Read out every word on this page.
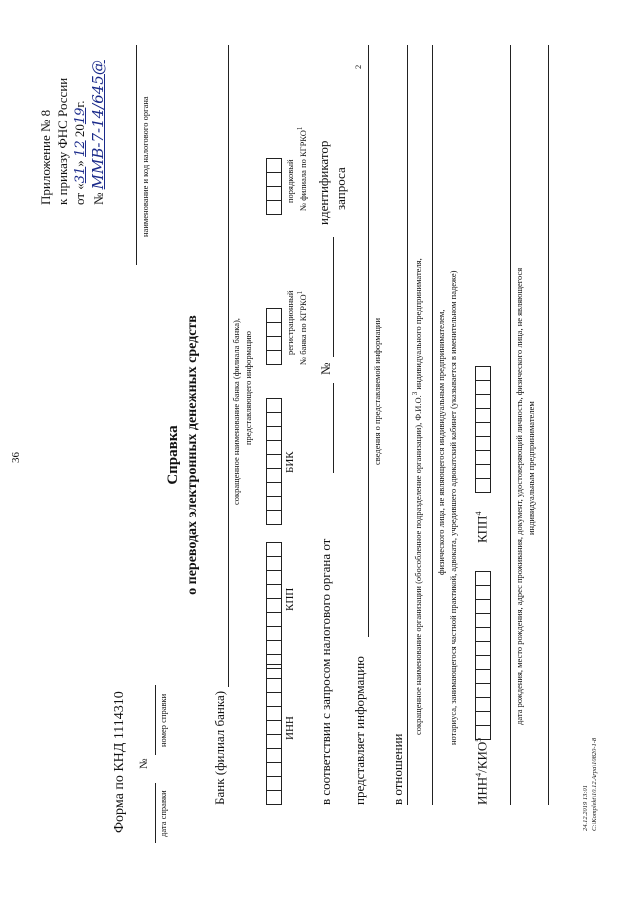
36
2
Приложение № 8 к приказу ФНС России от «31» 12 2019г.
№ ММВ-7-14/645@
Форма по КНД 1114310	дата справки
№
номер справки
наименование и код налогового органа
Справка о переводах электронных денежных средств
Банк (филиал банка)
сокращенное наименование банка (филиала банка), представляющего информацию
ИНН
КПП
БИК
регистрационный № банка по КГРКО$^1$
порядковый № филиала по КГРКО$^1$
в соответствии с запросом налогового органа от
№
идентификатор запроса
представляет информацию
сведения о представляемой информации
в отношении
сокращенное наименование организации (обособленное подразделение организации), Ф.И.О.$^3$ индивидуального предпринимателя, физического лица, не являющегося индивидуальным предпринимателем, нотариуса, занимающегося частной практикой, адвоката, учредившего адвокатский кабинет (указывается в именительном падеже)
ИНН$^4$/КИО$^5$
КПП$^4$	дата рождения, место рождения, адрес проживания, документ, удостоверяющий личность, физического лица, не являющегося индивидуальным предпринимателем
24.12.2019 13:01 C:\Komplekt\10.12.Arpa\10820-1-8
